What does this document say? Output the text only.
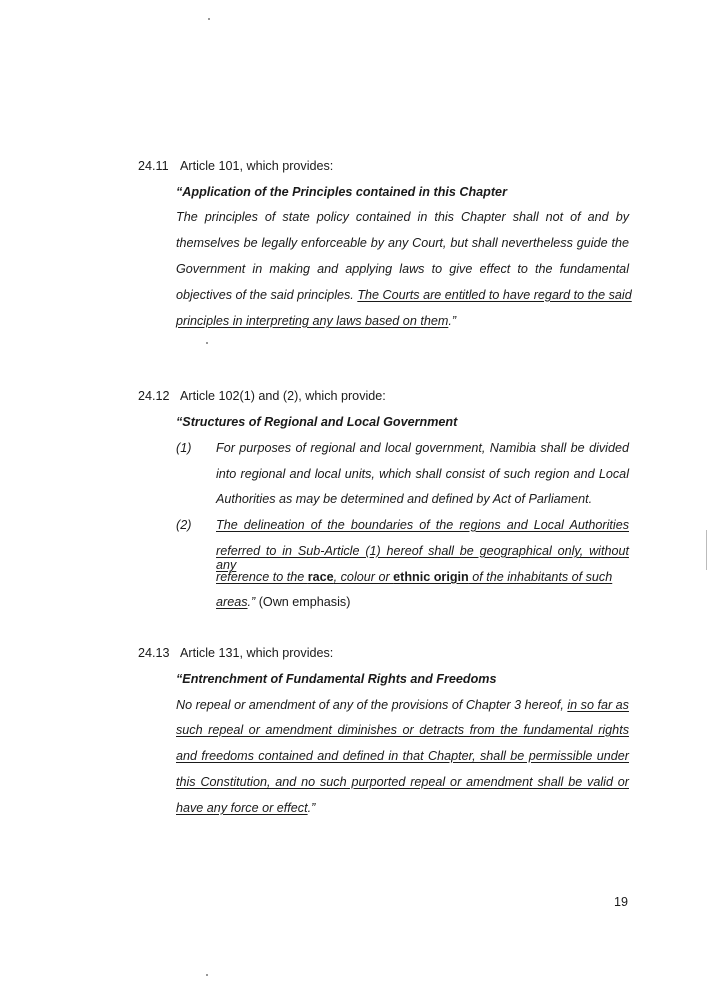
24.11 Article 101, which provides:
“Application of the Principles contained in this Chapter
The principles of state policy contained in this Chapter shall not of and by
themselves be legally enforceable by any Court, but shall nevertheless guide the
Government in making and applying laws to give effect to the fundamental
objectives of the said principles. The Courts are entitled to have regard to the said
principles in interpreting any laws based on them.”
24.12 Article 102(1) and (2), which provide:
“Structures of Regional and Local Government
(1) For purposes of regional and local government, Namibia shall be divided
into regional and local units, which shall consist of such region and Local
Authorities as may be determined and defined by Act of Parliament.
(2) The delineation of the boundaries of the regions and Local Authorities
referred to in Sub-Article (1) hereof shall be geographical only, without any
reference to the race, colour or ethnic origin of the inhabitants of such
areas.” (Own emphasis)
24.13 Article 131, which provides:
“Entrenchment of Fundamental Rights and Freedoms
No repeal or amendment of any of the provisions of Chapter 3 hereof, in so far as
such repeal or amendment diminishes or detracts from the fundamental rights
and freedoms contained and defined in that Chapter, shall be permissible under
this Constitution, and no such purported repeal or amendment shall be valid or
have any force or effect.”
19
